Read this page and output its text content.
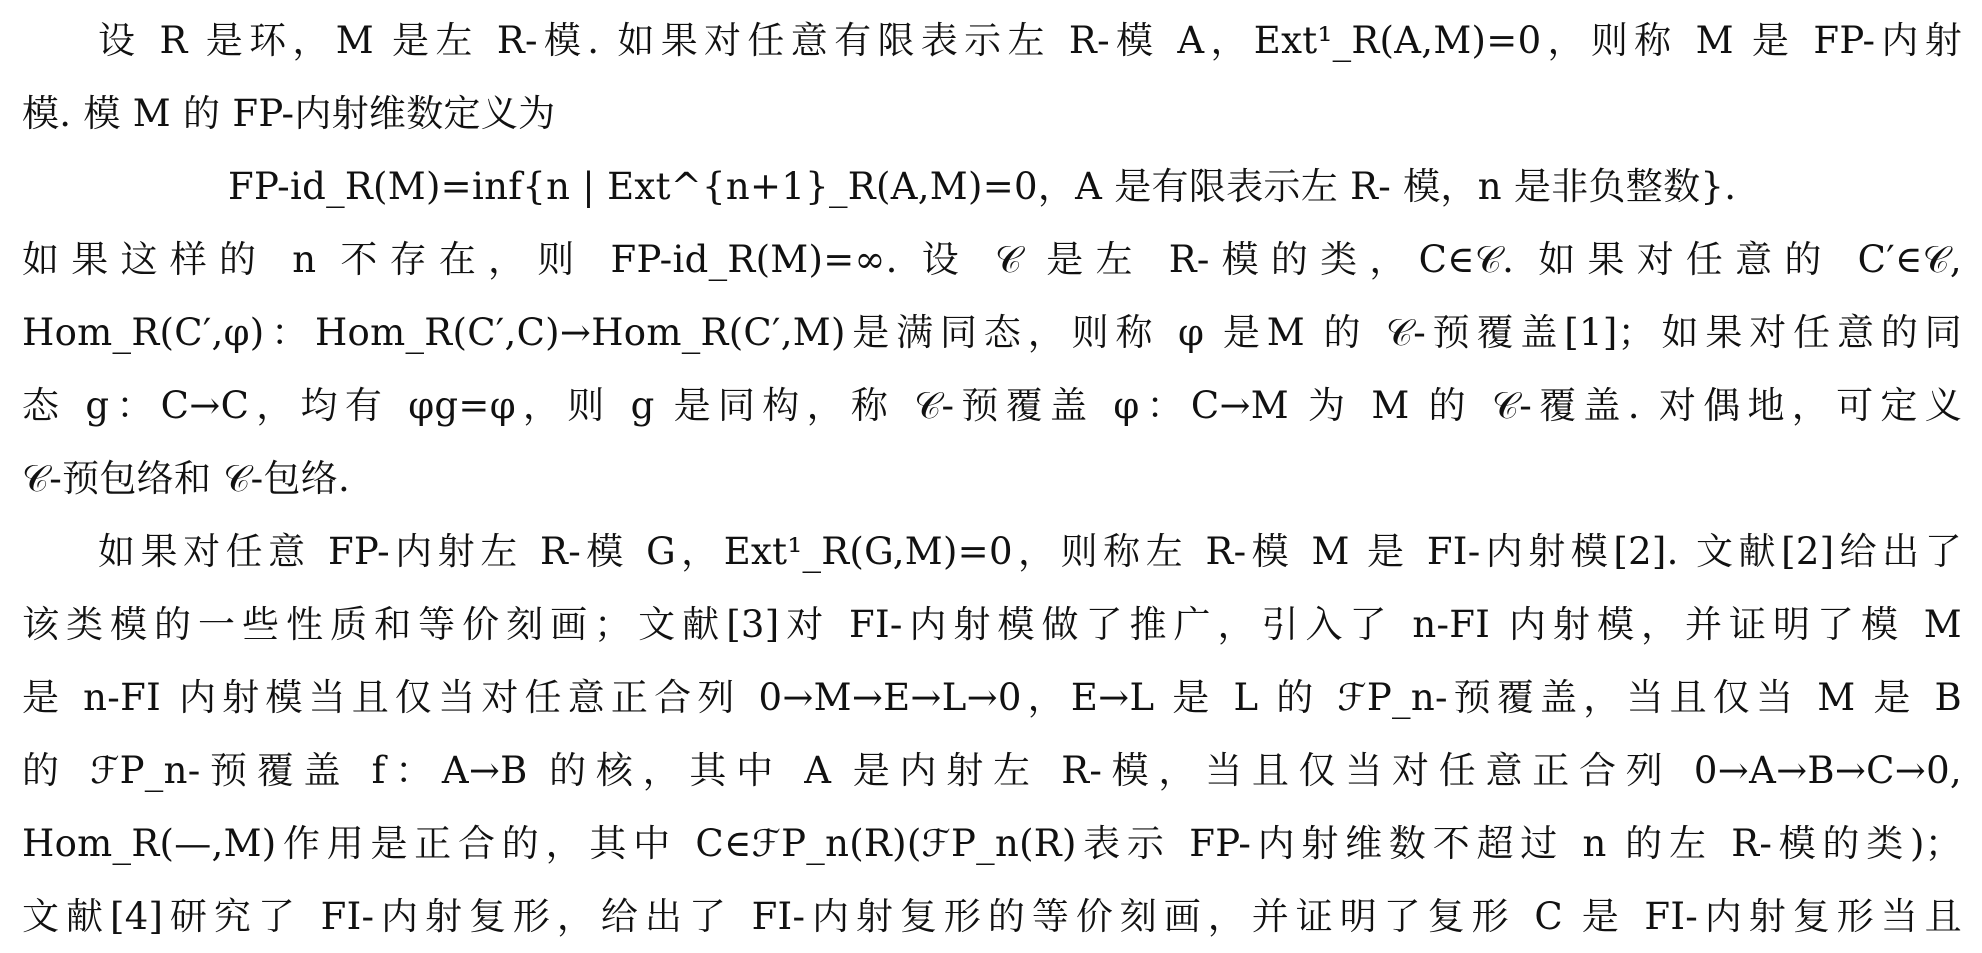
设 R 是环，M 是左 R-模. 如果对任意有限表示左 R-模 A，Ext¹_R(A,M)=0，则称 M 是 FP-内射
模. 模 M 的 FP-内射维数定义为
FP-id_R(M)=inf{n | Ext^{n+1}_R(A,M)=0，A 是有限表示左 R- 模，n 是非负整数}.
如果这样的 n 不存在，则 FP-id_R(M)=∞. 设 𝒞 是左 R-模的类，C∈𝒞. 如果对任意的 C′∈𝒞,
Hom_R(C′,φ)：Hom_R(C′,C)→Hom_R(C′,M)是满同态，则称 φ 是M 的 𝒞-预覆盖[1]；如果对任意的同
态 g：C→C，均有 φg=φ，则 g 是同构，称 𝒞-预覆盖 φ：C→M 为 M 的 𝒞-覆盖. 对偶地，可定义
𝒞-预包络和 𝒞-包络.
如果对任意 FP-内射左 R-模 G，Ext¹_R(G,M)=0，则称左 R-模 M 是 FI-内射模[2]. 文献[2]给出了
该类模的一些性质和等价刻画；文献[3]对 FI-内射模做了推广，引入了 n-FI 内射模，并证明了模 M
是 n-FI 内射模当且仅当对任意正合列 0→M→E→L→0，E→L 是 L 的 ℱP_n-预覆盖，当且仅当 M 是 B
的 ℱP_n-预覆盖 f：A→B 的核，其中 A 是内射左 R-模，当且仅当对任意正合列 0→A→B→C→0,
Hom_R(—,M)作用是正合的，其中 C∈ℱP_n(R)(ℱP_n(R)表示 FP-内射维数不超过 n 的左 R-模的类)；
文献[4]研究了 FI-内射复形，给出了 FI-内射复形的等价刻画，并证明了复形 C 是 FI-内射复形当且
